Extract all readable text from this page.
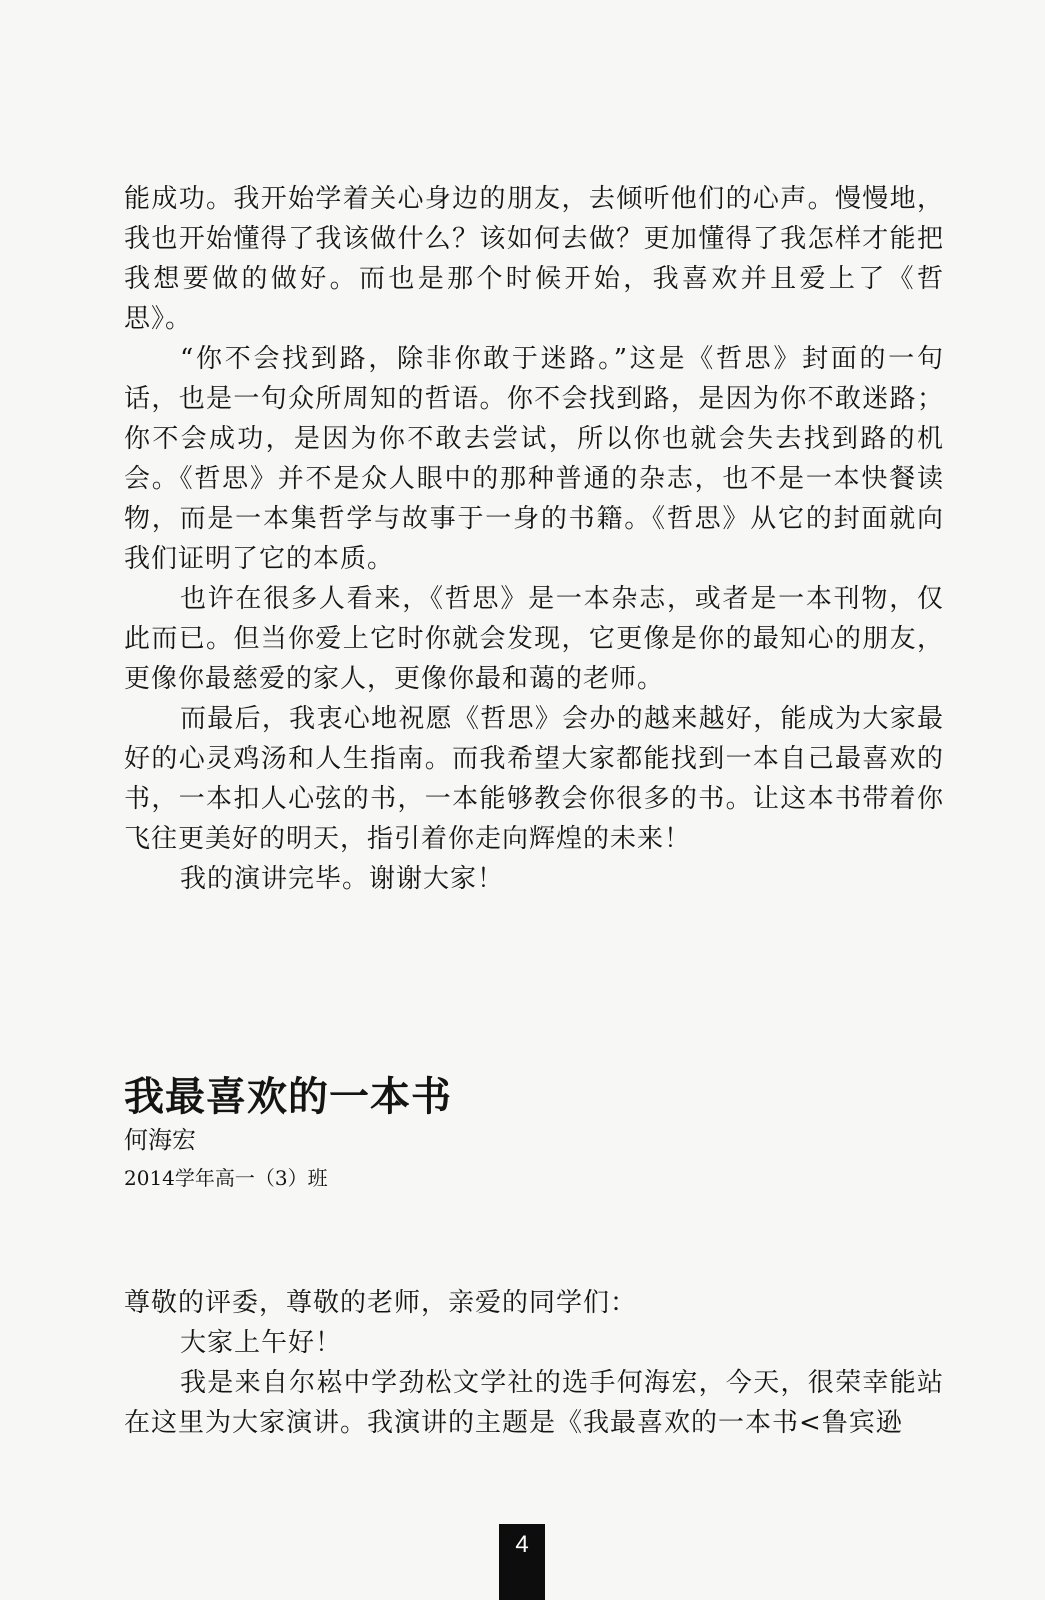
能成功。我开始学着关心身边的朋友，去倾听他们的心声。慢慢地，我也开始懂得了我该做什么？该如何去做？更加懂得了我怎样才能把我想要做的做好。而也是那个时候开始，我喜欢并且爱上了《哲思》。

“你不会找到路，除非你敢于迷路。”这是《哲思》封面的一句话，也是一句众所周知的哲语。你不会找到路，是因为你不敢迷路；你不会成功，是因为你不敢去尝试，所以你也就会失去找到路的机会。《哲思》并不是众人眼中的那种普通的杂志，也不是一本快餐读物，而是一本集哲学与故事于一身的书籍。《哲思》从它的封面就向我们证明了它的本质。

也许在很多人看来，《哲思》是一本杂志，或者是一本刊物，仅此而已。但当你爱上它时你就会发现，它更像是你的最知心的朋友，更像你最慈爱的家人，更像你最和蔼的老师。

而最后，我衷心地祝愿《哲思》会办的越来越好，能成为大家最好的心灵鸡汤和人生指南。而我希望大家都能找到一本自己最喜欢的书，一本扣人心弦的书，一本能够教会你很多的书。让这本书带着你飞往更美好的明天，指引着你走向辉煌的未来！

我的演讲完毕。谢谢大家！

我最喜欢的一本书
何海宏
2014学年高一（3）班

尊敬的评委，尊敬的老师，亲爱的同学们：

大家上午好！

我是来自尔崧中学劲松文学社的选手何海宏，今天，很荣幸能站在这里为大家演讲。我演讲的主题是《我最喜欢的一本书<鲁宾逊

4
